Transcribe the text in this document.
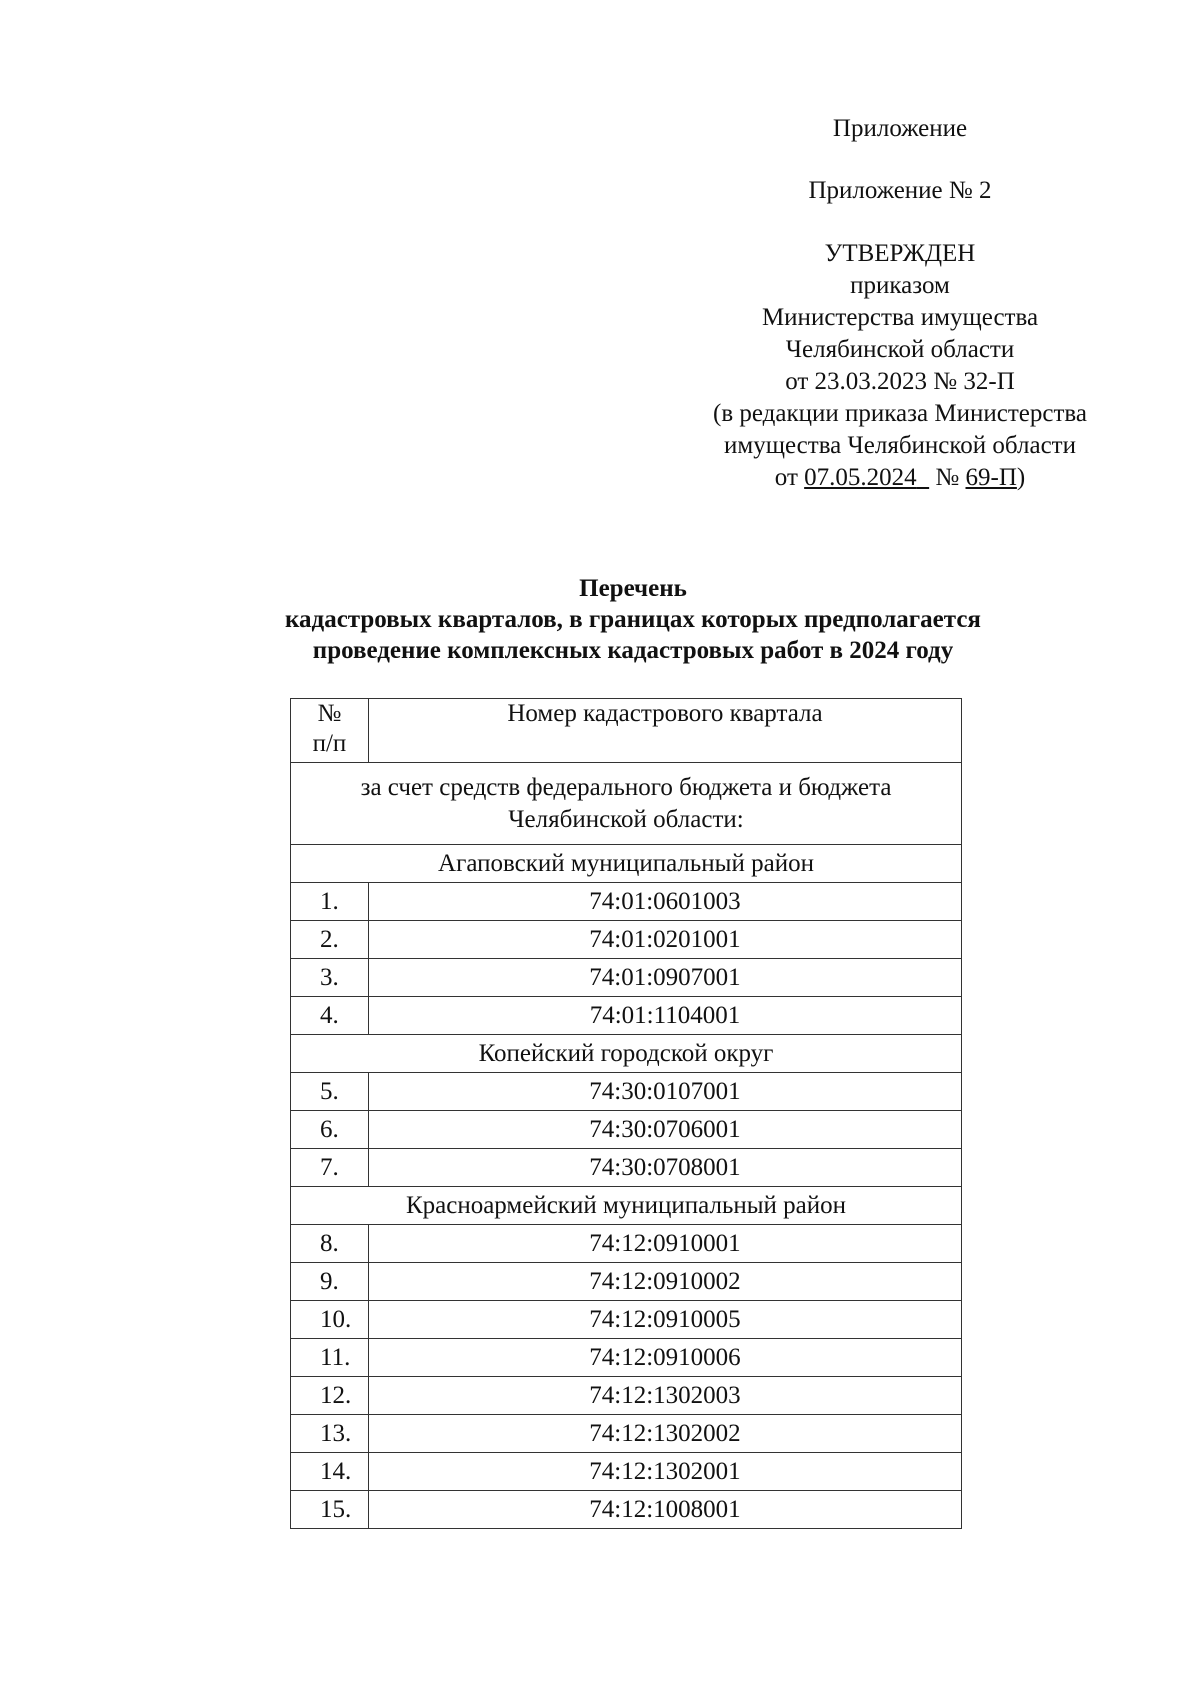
Приложение
Приложение № 2
УТВЕРЖДЕН
приказом
Министерства имущества
Челябинской области
от 23.03.2023 № 32-П
(в редакции приказа Министерства
имущества Челябинской области
от 07.05.2024 № 69-П)
Перечень
кадастровых кварталов, в границах которых предполагается
проведение комплексных кадастровых работ в 2024 году
№
п/п	Номер кадастрового квартала

за счет средств федерального бюджета и бюджета
Челябинской области:	

Агаповский муниципальный район	
1.	74:01:0601003
2.	74:01:0201001
3.	74:01:0907001
4.	74:01:1104001
Копейский городской округ	
5.	74:30:0107001
6.	74:30:0706001
7.	74:30:0708001
Красноармейский муниципальный район	
8.	74:12:0910001
9.	74:12:0910002
10.	74:12:0910005
11.	74:12:0910006
12.	74:12:1302003
13.	74:12:1302002
14.	74:12:1302001
15.	74:12:1008001
